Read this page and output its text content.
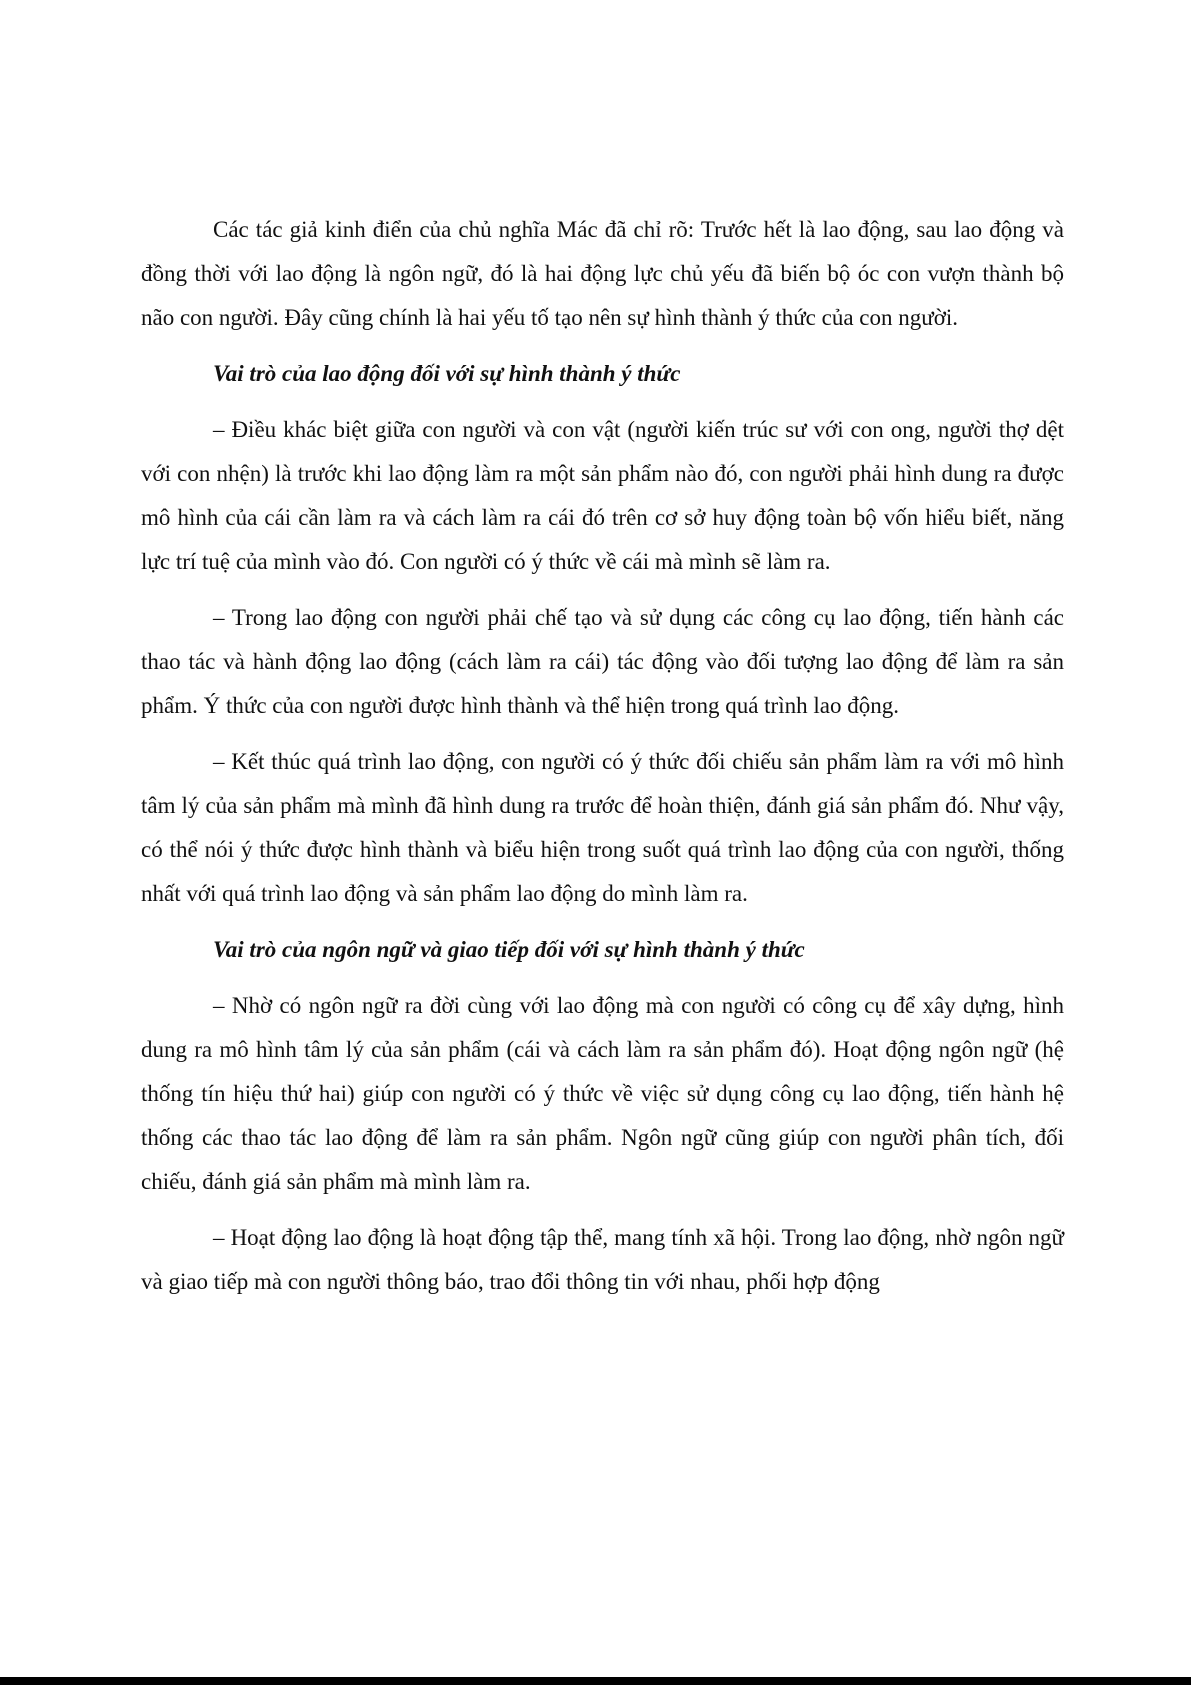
Các tác giả kinh điển của chủ nghĩa Mác đã chỉ rõ: Trước hết là lao động, sau lao động và đồng thời với lao động là ngôn ngữ, đó là hai động lực chủ yếu đã biến bộ óc con vượn thành bộ não con người. Đây cũng chính là hai yếu tố tạo nên sự hình thành ý thức của con người.

Vai trò của lao động đối với sự hình thành ý thức

– Điều khác biệt giữa con người và con vật (người kiến trúc sư với con ong, người thợ dệt với con nhện) là trước khi lao động làm ra một sản phẩm nào đó, con người phải hình dung ra được mô hình của cái cần làm ra và cách làm ra cái đó trên cơ sở huy động toàn bộ vốn hiểu biết, năng lực trí tuệ của mình vào đó. Con người có ý thức về cái mà mình sẽ làm ra.

– Trong lao động con người phải chế tạo và sử dụng các công cụ lao động, tiến hành các thao tác và hành động lao động (cách làm ra cái) tác động vào đối tượng lao động để làm ra sản phẩm. Ý thức của con người được hình thành và thể hiện trong quá trình lao động.

– Kết thúc quá trình lao động, con người có ý thức đối chiếu sản phẩm làm ra với mô hình tâm lý của sản phẩm mà mình đã hình dung ra trước để hoàn thiện, đánh giá sản phẩm đó. Như vậy, có thể nói ý thức được hình thành và biểu hiện trong suốt quá trình lao động của con người, thống nhất với quá trình lao động và sản phẩm lao động do mình làm ra.

Vai trò của ngôn ngữ và giao tiếp đối với sự hình thành ý thức

– Nhờ có ngôn ngữ ra đời cùng với lao động mà con người có công cụ để xây dựng, hình dung ra mô hình tâm lý của sản phẩm (cái và cách làm ra sản phẩm đó). Hoạt động ngôn ngữ (hệ thống tín hiệu thứ hai) giúp con người có ý thức về việc sử dụng công cụ lao động, tiến hành hệ thống các thao tác lao động để làm ra sản phẩm. Ngôn ngữ cũng giúp con người phân tích, đối chiếu, đánh giá sản phẩm mà mình làm ra.

– Hoạt động lao động là hoạt động tập thể, mang tính xã hội. Trong lao động, nhờ ngôn ngữ và giao tiếp mà con người thông báo, trao đổi thông tin với nhau, phối hợp động
